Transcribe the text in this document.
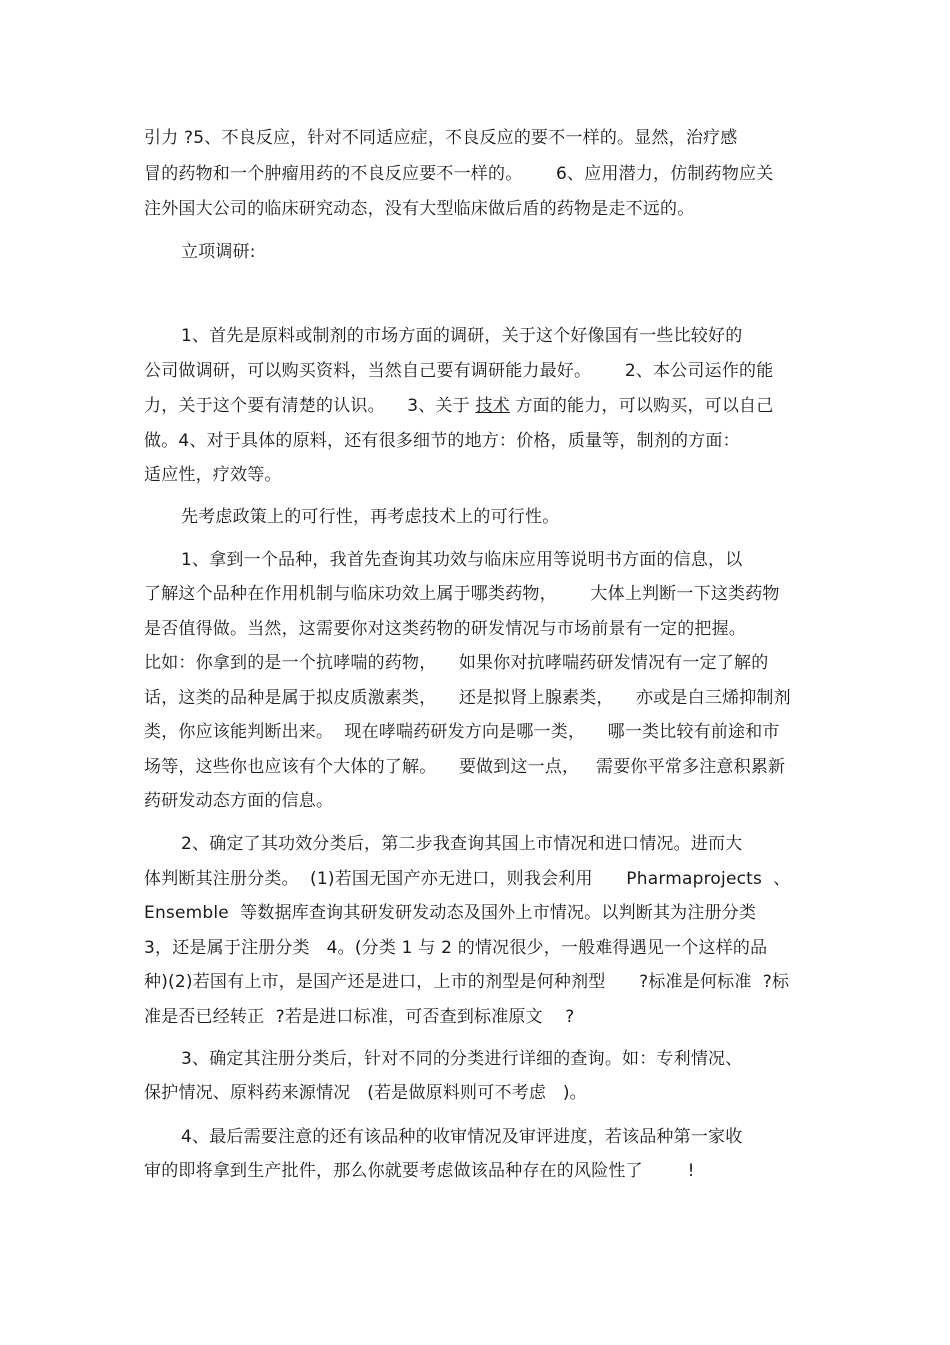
引力 ?5、不良反应，针对不同适应症，不良反应的要不一样的。显然，治疗感
冒的药物和一个肿瘤用药的不良反应要不一样的。      6、应用潜力，仿制药物应关
注外国大公司的临床研究动态，没有大型临床做后盾的药物是走不远的。
立项调研:
1、首先是原料或制剂的市场方面的调研，关于这个好像国有一些比较好的
公司做调研，可以购买资料，当然自己要有调研能力最好。      2、本公司运作的能
力，关于这个要有清楚的认识。    3、关于 技术 方面的能力，可以购买，可以自己
做。4、对于具体的原料，还有很多细节的地方：价格，质量等，制剂的方面：
适应性，疗效等。
先考虑政策上的可行性，再考虑技术上的可行性。
1、拿到一个品种，我首先查询其功效与临床应用等说明书方面的信息，以
了解这个品种在作用机制与临床功效上属于哪类药物，      大体上判断一下这类药物
是否值得做。当然，这需要你对这类药物的研发情况与市场前景有一定的把握。
比如：你拿到的是一个抗哮喘的药物，    如果你对抗哮喘药研发情况有一定了解的
话，这类的品种是属于拟皮质激素类，    还是拟肾上腺素类，    亦或是白三烯抑制剂
类，你应该能判断出来。  现在哮喘药研发方向是哪一类，    哪一类比较有前途和市
场等，这些你也应该有个大体的了解。    要做到这一点，   需要你平常多注意积累新
药研发动态方面的信息。
2、确定了其功效分类后，第二步我查询其国上市情况和进口情况。进而大
体判断其注册分类。  (1)若国无国产亦无进口，则我会利用      Pharmaprojects  、
Ensemble  等数据库查询其研发研发动态及国外上市情况。以判断其为注册分类
3，还是属于注册分类   4。(分类 1 与 2 的情况很少，一般难得遇见一个这样的品
种)(2)若国有上市，是国产还是进口，上市的剂型是何种剂型      ?标准是何标准  ?标
准是否已经转正  ?若是进口标准，可否查到标准原文    ?
3、确定其注册分类后，针对不同的分类进行详细的查询。如：专利情况、
保护情况、原料药来源情况   (若是做原料则可不考虑   )。
4、最后需要注意的还有该品种的收审情况及审评进度，若该品种第一家收
审的即将拿到生产批件，那么你就要考虑做该品种存在的风险性了        !
